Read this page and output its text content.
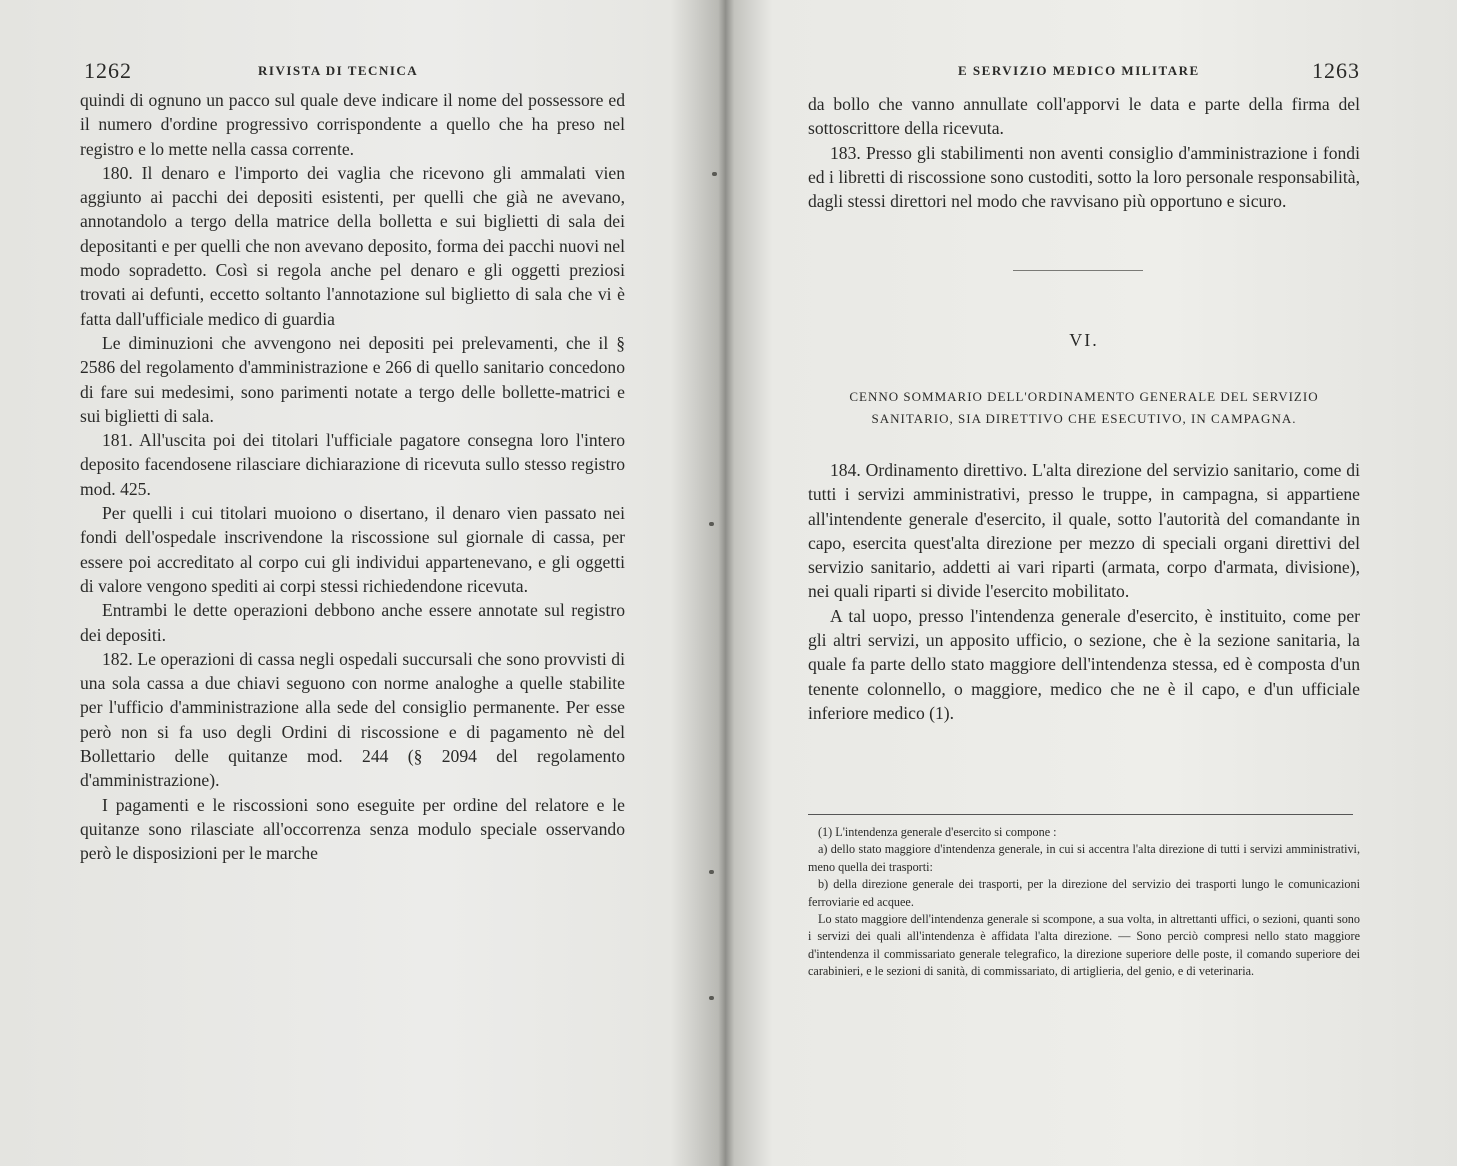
1262	RIVISTA DI TECNICA

quindi di ognuno un pacco sul quale deve indicare il nome del possessore ed il numero d'ordine progressivo corrispondente a quello che ha preso nel registro e lo mette nella cassa corrente.

180. Il denaro e l'importo dei vaglia che ricevono gli ammalati vien aggiunto ai pacchi dei depositi esistenti, per quelli che già ne avevano, annotandolo a tergo della matrice della bolletta e sui biglietti di sala dei depositanti e per quelli che non avevano deposito, forma dei pacchi nuovi nel modo sopradetto. Così si regola anche pel denaro e gli oggetti preziosi trovati ai defunti, eccetto soltanto l'annotazione sul biglietto di sala che vi è fatta dall'ufficiale medico di guardia

Le diminuzioni che avvengono nei depositi pei prelevamenti, che il § 2586 del regolamento d'amministrazione e 266 di quello sanitario concedono di fare sui medesimi, sono parimenti notate a tergo delle bollette-matrici e sui biglietti di sala.

181. All'uscita poi dei titolari l'ufficiale pagatore consegna loro l'intero deposito facendosene rilasciare dichiarazione di ricevuta sullo stesso registro mod. 425.

Per quelli i cui titolari muoiono o disertano, il denaro vien passato nei fondi dell'ospedale inscrivendone la riscossione sul giornale di cassa, per essere poi accreditato al corpo cui gli individui appartenevano, e gli oggetti di valore vengono spediti ai corpi stessi richiedendone ricevuta.

Entrambi le dette operazioni debbono anche essere annotate sul registro dei depositi.

182. Le operazioni di cassa negli ospedali succursali che sono provvisti di una sola cassa a due chiavi seguono con norme analoghe a quelle stabilite per l'ufficio d'amministrazione alla sede del consiglio permanente. Per esse però non si fa uso degli Ordini di riscossione e di pagamento nè del Bollettario delle quitanze mod. 244 (§ 2094 del regolamento d'amministrazione).

I pagamenti e le riscossioni sono eseguite per ordine del relatore e le quitanze sono rilasciate all'occorrenza senza modulo speciale osservando però le disposizioni per le marche

E SERVIZIO MEDICO MILITARE	1263

da bollo che vanno annullate coll'apporvi le data e parte della firma del sottoscrittore della ricevuta.

183. Presso gli stabilimenti non aventi consiglio d'amministrazione i fondi ed i libretti di riscossione sono custoditi, sotto la loro personale responsabilità, dagli stessi direttori nel modo che ravvisano più opportuno e sicuro.

VI.
CENNO SOMMARIO DELL'ORDINAMENTO GENERALE DEL SERVIZIO
SANITARIO, SIA DIRETTIVO CHE ESECUTIVO, IN CAMPAGNA.

184. Ordinamento direttivo. L'alta direzione del servizio sanitario, come di tutti i servizi amministrativi, presso le truppe, in campagna, si appartiene all'intendente generale d'esercito, il quale, sotto l'autorità del comandante in capo, esercita quest'alta direzione per mezzo di speciali organi direttivi del servizio sanitario, addetti ai vari riparti (armata, corpo d'armata, divisione), nei quali riparti si divide l'esercito mobilitato.

A tal uopo, presso l'intendenza generale d'esercito, è instituito, come per gli altri servizi, un apposito ufficio, o sezione, che è la sezione sanitaria, la quale fa parte dello stato maggiore dell'intendenza stessa, ed è composta d'un tenente colonnello, o maggiore, medico che ne è il capo, e d'un ufficiale inferiore medico (1).

(1) L'intendenza generale d'esercito si compone :

a) dello stato maggiore d'intendenza generale, in cui si accentra l'alta direzione di tutti i servizi amministrativi, meno quella dei trasporti:

b) della direzione generale dei trasporti, per la direzione del servizio dei trasporti lungo le comunicazioni ferroviarie ed acquee.

Lo stato maggiore dell'intendenza generale si scompone, a sua volta, in altrettanti uffici, o sezioni, quanti sono i servizi dei quali all'intendenza è affidata l'alta direzione. — Sono perciò compresi nello stato maggiore d'intendenza il commissariato generale telegrafico, la direzione superiore delle poste, il comando superiore dei carabinieri, e le sezioni di sanità, di commissariato, di artiglieria, del genio, e di veterinaria.
